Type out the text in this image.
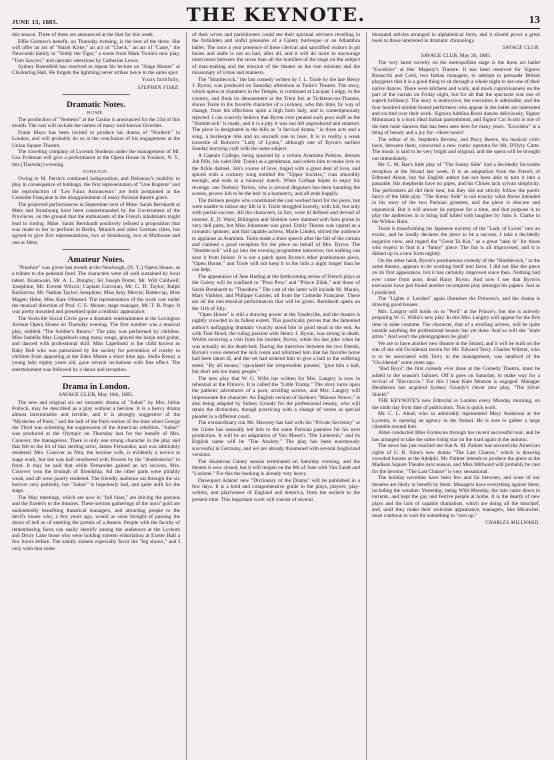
JUNE 13, 1885.	THE KEYNOTE.	13

this season. Three of them are announced at the Star for this week.

Effie Germon's benefit, on Thursday evening, is the best of the three. She will offer an act of "Hazel Kirke," an act of "Check," an act of "Caste," the Newcomb family in "Teddy the Tiger," a scene from Mark Twain's new play, "Tom Sawyer," and operatic selections by Catherine Lewis.

Sydney Rosenfeld has resolved to repeat his lecture on "Stage Humor" at Chickering Hall. He forgets the lightning never strikes twice in the same spot.

Yours faithfully,
STEPHEN FISKE.
Dramatic Notes.
HOME.

The production of "Nemesis" at the Casino is announced for the 23d of this month. The cast will include the names of many well-known favorites.

Frank Mayo has been invited to produce his drama of "Nordeck" in London, and will probably do so at the conclusion of his engagement at the Union Square Theatre.

The traveling company of Lyceum Students under the management of Mr. Gus Frohman will give a performance at the Opera House in Yonkers, N. Y., this (Thursday) evening.

FOREIGN.

Owing to M. Perrin's continued indisposition, and Delaunay's inability to play in consequence of lumbago, the first representation of "Une Rupture" and the reproduction of "Les Faiux Annonceurs" are both postponed at the Comédie Française to the disappointment of many Parisian theatre goers.

The projected performances in September next of Mme. Sarah Bernhardt at Metz and Strasbourg have been countermanded by the Government of the Provinces, on the ground that the enthusiasm of the French inhabitants might lead to rioting. Mme. Sarah Bernhardt positively refused a proposition that was made to her to perform in Berlin, Munich and other German cities, but agreed to give five representations, two at Strasbourg, two at Mulhouse and one at Metz.

Amateur Notes.

"Pinafore" was given last month at the Newburgh, (N. Y.,) Opera House, as a tribute to the pedestal fund. The characters were all well sustained by local talent. Boatswain, Mr. A. L. Dunphy; Sir Joseph Porter, Mr. Will Caldwell; Josephine, Mr. Everett Wilcox; Captain Corcoran, Mr. G. D. Taylor; Ralph Rackstraw, Mr. Nathan Taylor; Josephine, Miss Amy Mercer; Buttercup, Miss Magee; Hebe, Miss Kate Olmsted. The representation of the work was under the musical direction of Prof. C. E. Moore; stage manager, Mr. T. B. Pope. It was pretty mounted and presented quite a realistic appearance.

The Yorkville Social Circle gave a dramatic entertainment at the Lexington Avenue Opera House on Thursday evening. The first number was a musical play, entitled "The Soldier's Return." The play was performed by children. Miss Isabella May Lingelbach sang many songs, played the banjo and guitar, and danced with professional skill. Miss Lapelinski is the child known as Baby Bell who was patronized by the society for prevention of cruelty to children from appearing at the Eden Musée a short time ago. Stella Kenny a young lady eighty years old, gave several recitations with fine effect. The entertainment was followed by a dance and reception.

Drama in London.
SAVAGE CLUB, May 16th, 1885.

The new and original six act romantic drama of "Judas!" by Mrs. Julius Pollock, may be described as a play without a heroine. It is a heavy drama almost interminable and terrible, and it is strongly suggestive of the "Mysteries of Paris," and the hall of the Paris stories of the time when George the Third was scheming the suppression of the American rebellion. "Judas!" was produced at the Olympic on Thursday last for the benefit of Mrs. Conover, the manageress. There is only one strong character in the play and that fell to the lot of that sterling actor, James Fernandez, and was admirably rendered. Mrs. Conover as Nita, the heroine wife, is evidently a novice at stage work, but she was half smothered with flowers by the "doublenecks" in front. It may be said that while Fernandez gained an act success, Mrs. Conover won the triumph of friendship. All the other parts were pitiably weak, and all were poorly rendered. The friendly audience sat through the six horrors very patiently, but "Judas!" is hopelessly bad, and quite unfit for the stage.

The May meetings, which are now in "full blast," are driving the parsons and the Exeter's to the theatres. These serious gatherings of the unco' guid are undoubtedly benefiting theatrical managers, and attracting people to the devil's house who, a few years ago, would as soon thought of passing the doors of hell as of entering the portals of a theatre. People with the faculty of remembering faces can easily identify among the audiences at the Lyceum and Drury Lane those who were holding solemn exhortation at Exeter Hall a few hours before. The saintly sinners especially favor the "leg shows," and I only wish that some

of their wives and parishioners could see their spiritual advisers revelling in the forbidden and sinful pleasures of a Gaiety burlesque or an Alhambra ballet. The once a year presence of these clerical and sanctified visitors in pit boxes and stalls is not so bad, after all, and it will do more to encourage intercourse between the sexes than all the homilies of the stage on the subject of man-making and the mission of the theatre as the true minister and the missionary of virtue and manners.

The "Shuttlecock," the last comedy written by J. L. Toole by the late Henry J. Byron, was produced on Saturday afternoon at Toole's Theatre. The story, which opens at chambers in the Temple, is continued at Lacquer Lodge, in the country, and finds its denouement at the Trent Inn at Tickleton-on-Thames, shows Toole in his favorite character of a cockney, who this time, by way of change, fixes his affections upon a high born lady, and is contemptuously rejected. I can scarcely believe that Byron ever penned such poor stuff as the "Shuttlecock" is made, and it is a pity it was not left unproduced and smarted. The piece is designated in the bills as "a farcical drama," in three acts and a song, a burlesque title and an uncouth one to boot. It is in reality a weak travestie of Bulwer's "Lady of Lyons," although one of Byron's earliest Sunday hurrying craft with the same subject.

A Captain College, being spurned by a certain Araminta Perkins, dresses Job Pills, his valet (Mr. Toole) as a gentleman, and orders him to make love to the fickle damsel. Job's course of love, tinged with a great deal of love, and spiced with a cockney song entitled the "Upper Suckles," runs smoothly enough, and ends in a runaway match. When College hopes to enjoy his revenge, one Tenbury Terriss, who is several disguises has been haunting the scenes, proves Job to be the heir to a baronetcy, and all ends happily.

The thirteen people who constituted the cast worked hard for the piece, but were unable to infuse any life in it. Toole struggled bravely, with Job, but only with partial success. All the characters, in fact, were ill defined and devoid of interest. E. D. Ward, Billington and Sheldon were damned with faint praise in very dull parts, but Miss Johnstone was good. Emily Thorne was capital as a romantic spinster, and that capable actress, Marie Linden, stirred the audience to applause as Araminta. Toole made a short speech after the fall of the curtain and claimed a good reception for the piece on behalf of Mrs. Byron. The "Shuttlecock" will go into the evening programme tomorrow, but nothing can save it from failure. It is not a patch upon Byron's other posthumous piece, "Open House," and Toole will not keep it in the bills a night longer than he can help.

The appearance of Jane Hading at the forthcoming series of French plays at the Gaiety will be confined to "Prou Prou" and "Prince Zilah," and those of Sarah Bernhardt to "Theodora." The cast of the latter will include M. Marais, Mary Vallière, and Philippe Garnier, all from the Comédie Française. These are all the non-musical performances that will be given. Bernhardt opens on the 11th of July.

"Open House" is still a drawing power at the Vaudeville, and the theatre is nightly crowded to its fullest extent. This practically proves that the lamented author's unflagging dramatic vivacity stood him in good stead to the end. As with Tom Hood, the ruling passion with Henry J. Byron, was strong in death. Whilst receiving a visit from his brother, Byron, while his last joke when he was actually on his death-bed. During the interview between the two friends, Byron's voice entered the sick room and informed him that his favorite horse had been taken ill, and the vet had ordered him to give a ball to the suffering steed. "By all means," ejaculated the irrepressible punster, "give him a ball, but don't ask too many people."

The new play that W. G. Wills has written for Mrs. Langtry is now in rehearsal at the Prince's. It is called the "Little Tramp." The story turns upon the pathetic adventures of a poor, strolling actress, and Mrs. Langtry will impersonate the character. An English version of Sardou's "Maison Neuve," is also being adapted by Sidney Grundy for the professional beauty, who will retain the distinction, though practicing with a change of venue as special pleader in a different court.

The extraordinary run Mr. Hawtrey has had with his "Private Secretary" at the Globe has naturally led him to the same Parisian pastures for his next production. It will be an adaptation of Von Moser's "Die Lieberein," and its English name will be "The Anxiety." The play has been enormously successful in Germany, and we are already threatened with several Anglicized versions.

The disastrous Gaiety season terminated on Saturday evening, and the theatre is now closed, but it will reopen on the 6th of June with Van Zandt and "Lackmé." For this the booking is already very heavy.

Davenport Adams' new "Dictionary of the Drama" will be published in a few days. It is a bold and comprehensive guide to the plays, players, play-writers, and playhouses of England and America, from the earliest to the present time. This important work will consist of several

thousand articles arranged in alphabetical form, and it should prove a great boon to those interested in dramatic chronology.

SAVAGE CLUB.
SAVAGE CLUB, May 26, 1885.

The very latest novelty on the metropolitan stage is the three act ballet "Excelsior" at Her Majesty's Theatre. It has been reserved for Signori Bonacchi and Corti, two Italian managers, to attempt to persuade British playgoers that it is a good thing to sit through a whole night to see one of their native dances. There were kitchens and wails, and mock capriciousness on the part of the curtain on Friday night, but for all that the spectacle was one of superb brilliancy. The story is instructive, the execution is admirable, and the four hundred nimble-footed performers who appear in the ballet are interested and excited over their work. Signora Adelina Rossi dances deliciously, Signor Montanara is a born ideal Italian pantomimist, and Signor Coi Scotti is one of the best male dancers that has been seen here for many years. "Excelsior" is a thing of beauty and a joy for—three hours!

The editor of St. Stephen's Review, and Percy Reeve, his musical critic have, between them, concocted a new comic operetta for Mr. D'Oyly Carte. The music is said to be very bright and original, and the opera will be brought out immediately.

Mr. C. M. Rae's little play of "The Sunny Side" had a decidedly favorable reception at the Strand last week. It is an adaptation from the French of Edmond About, but the English author has not been able to turn it into a passable. His shepherds have no pipes, and his Chloes lack sylvan simplicity. The performers all did their best, but they did not strictly follow the poetic fancy of the little play. "The Sunny Side" is not exactly what About intended in his story of the two Parisian grisettes, and the piece is obscure and unpoetical. But it will answer its purpose for a time, and that purpose is to play the audiences in to bring half killed with laughter by John S. Clarke in the Widow Hunt.

Toole is transforming his Japanese travesty of the "Lady of Lyons" into an exotic, and he loudly declares the piece to be a success. I take a decidedly negative view, and regard the "Great Ta Kin," as a great "take in" for those who expect to find it a "funny" piece. The fun is all improvised, and it is dished up in a new form nightly.

On the other hand, Byron's posthumous comedy of the "Shuttlecock," at the same theatre, appears to be working itself into favor. I did not like the piece on its first appearance, but it has certainly improved since then. Nothing had ever come from poor, dead Harry Byron. And now I see that Byron's executors have just found another incomplete play amongst his papers. Just as I predicted.

The "Lights o' London" again illumines the Princess's, and the drama is drawing good houses.

Mrs. Langtry still holds on to "Peril" at the Prince's, but she is actively preparing W. G. Willis's new play. In this Mrs. Langtry will appear for the first time in male costume. The character, that of a strolling actress, will be quite outside anything the professional beauty has yet done. And so will she "male attire." And won't the photographers be glad?

We are to have another new theatre in the Strand, and it will be built on the site of the old Occidental tavern for Mr. Edward Terry. Charles Wilmot, who is to be associated with Terry in the management, was landlord of the "Occidental" some years ago.

"Bad Boys" the first comedy ever done at the Comedy Theatre, must be added to the season's failures. Off it goes on Saturday, to make way for a revival of "Boccaccio." For this I hear Kate Monroe is engaged. Manager Henderson has acquired Sydney Grundy's clever new play, "The Silver Shield."

THE KEYNOTE'S new Editorial in London every Monday morning, on the ninth day from date of publication. This is quick work.

Mr. C. L. Abud, who so admirably represented Mary Anderson at the Lyceum, is opening an agency in the Strand. He is sure to gather a large clientèle around him.

Aimé conducted Miss Fortescue through her recent successful tour, and he has arranged to take the same rising star on the road again in the autumn.

The news has just reached me that A. M. Palmer has secured the American rights of G. R. Sims's new drama "The Last Chance," which is drawing crowded houses at the Adelphi. Mr. Palmer intends to produce the piece at the Madison Square Theatre next season, and Miss Millward will probably be cast for the heroine. "The Last Chance" is very sensational.

The holiday novelties have been few and far between, and none of our theatres are likely to benefit by them. Managers have everything against them, including the weather. Yesterday, being Whit-Monday, the rain came down in torrents, and kept the gay and festive people at home. It is the dearth of new plays and the lack of capable dramatists, which are doing all the mischief, and, until they make their welcome appearance, managers, like Micawber, must continue to wait for something to "turn up."

CHARLES MILLWARD.
